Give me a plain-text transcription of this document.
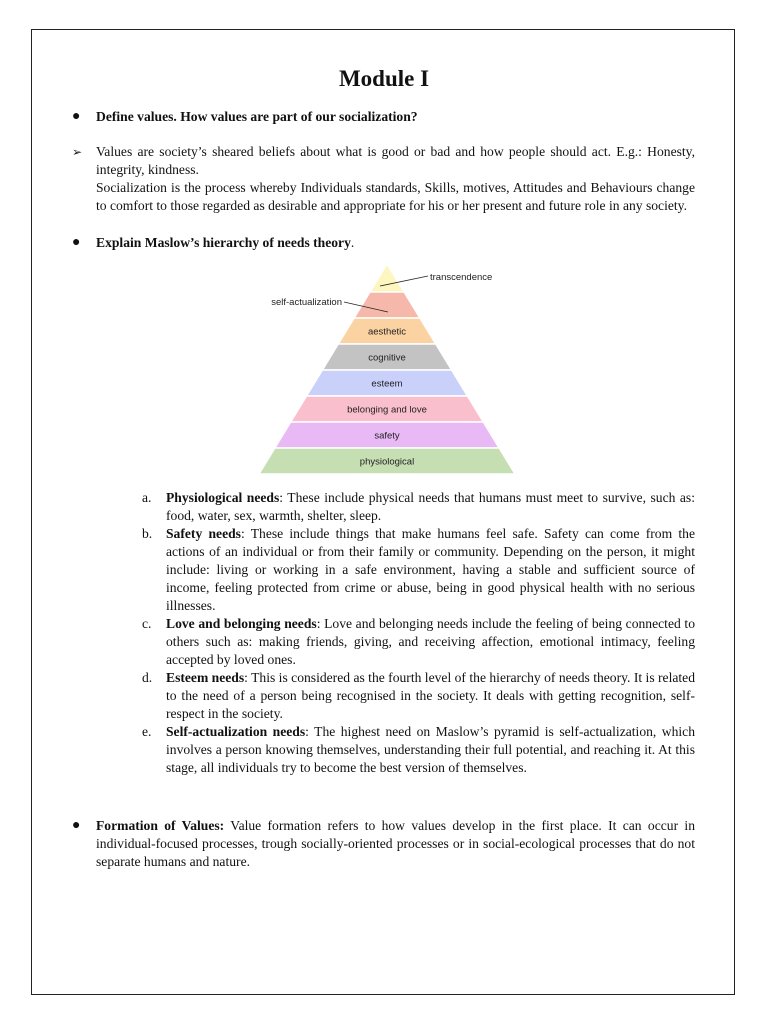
Module I
● Define values. How values are part of our socialization?
➢ Values are society’s sheared beliefs about what is good or bad and how people should act. E.g.: Honesty, integrity, kindness.
Socialization is the process whereby Individuals standards, Skills, motives, Attitudes and Behaviours change to comfort to those regarded as desirable and appropriate for his or her present and future role in any society.
● Explain Maslow’s hierarchy of needs theory.
aesthetic
cognitive
esteem
belonging and love
safety
physiological
transcendence
self-actualization
a. Physiological needs: These include physical needs that humans must meet to survive, such as: food, water, sex, warmth, shelter, sleep.
b. Safety needs: These include things that make humans feel safe. Safety can come from the actions of an individual or from their family or community. Depending on the person, it might include: living or working in a safe environment, having a stable and sufficient source of income, feeling protected from crime or abuse, being in good physical health with no serious illnesses.
c. Love and belonging needs: Love and belonging needs include the feeling of being connected to others such as: making friends, giving, and receiving affection, emotional intimacy, feeling accepted by loved ones.
d. Esteem needs: This is considered as the fourth level of the hierarchy of needs theory. It is related to the need of a person being recognised in the society. It deals with getting recognition, self-respect in the society.
e. Self-actualization needs: The highest need on Maslow’s pyramid is self-actualization, which involves a person knowing themselves, understanding their full potential, and reaching it. At this stage, all individuals try to become the best version of themselves.
● Formation of Values: Value formation refers to how values develop in the first place. It can occur in individual-focused processes, trough socially-oriented processes or in social-ecological processes that do not separate humans and nature.
